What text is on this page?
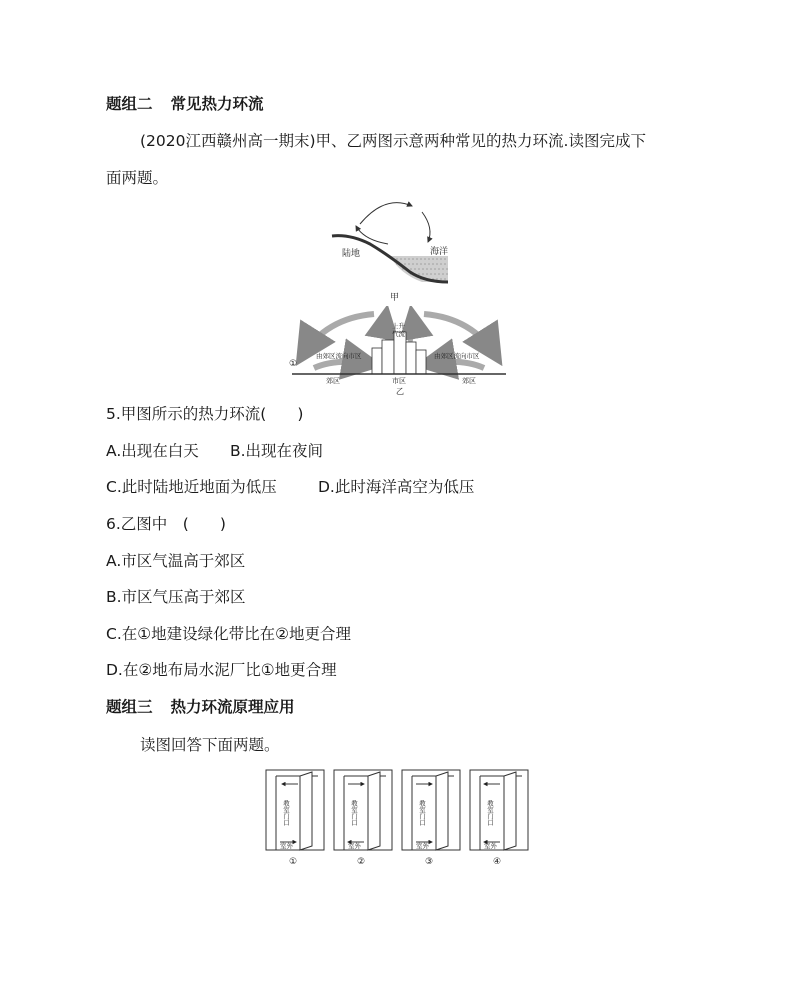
题组二 常见热力环流
(2020江西赣州高一期末)甲、乙两图示意两种常见的热力环流.读图完成下
面两题。
陆地	海洋
甲
①
由郊区流向市区	由郊区流向市区
上升
气流
郊区	市区	郊区
乙
5.甲图所示的热力环流(　　)
A.出现在白天 B.出现在夜间
C.此时陆地近地面为低压	D.此时海洋高空为低压
6.乙图中　(　　)
A.市区气温高于郊区
B.市区气压高于郊区
C.在①地建设绿化带比在②地更合理
D.在②地布局水泥厂比①地更合理
题组三 热力环流原理应用
读图回答下面两题。
教室门口
室外
①
教室门口
室外
②
教室门口
室外
③
教室门口
室外
④
